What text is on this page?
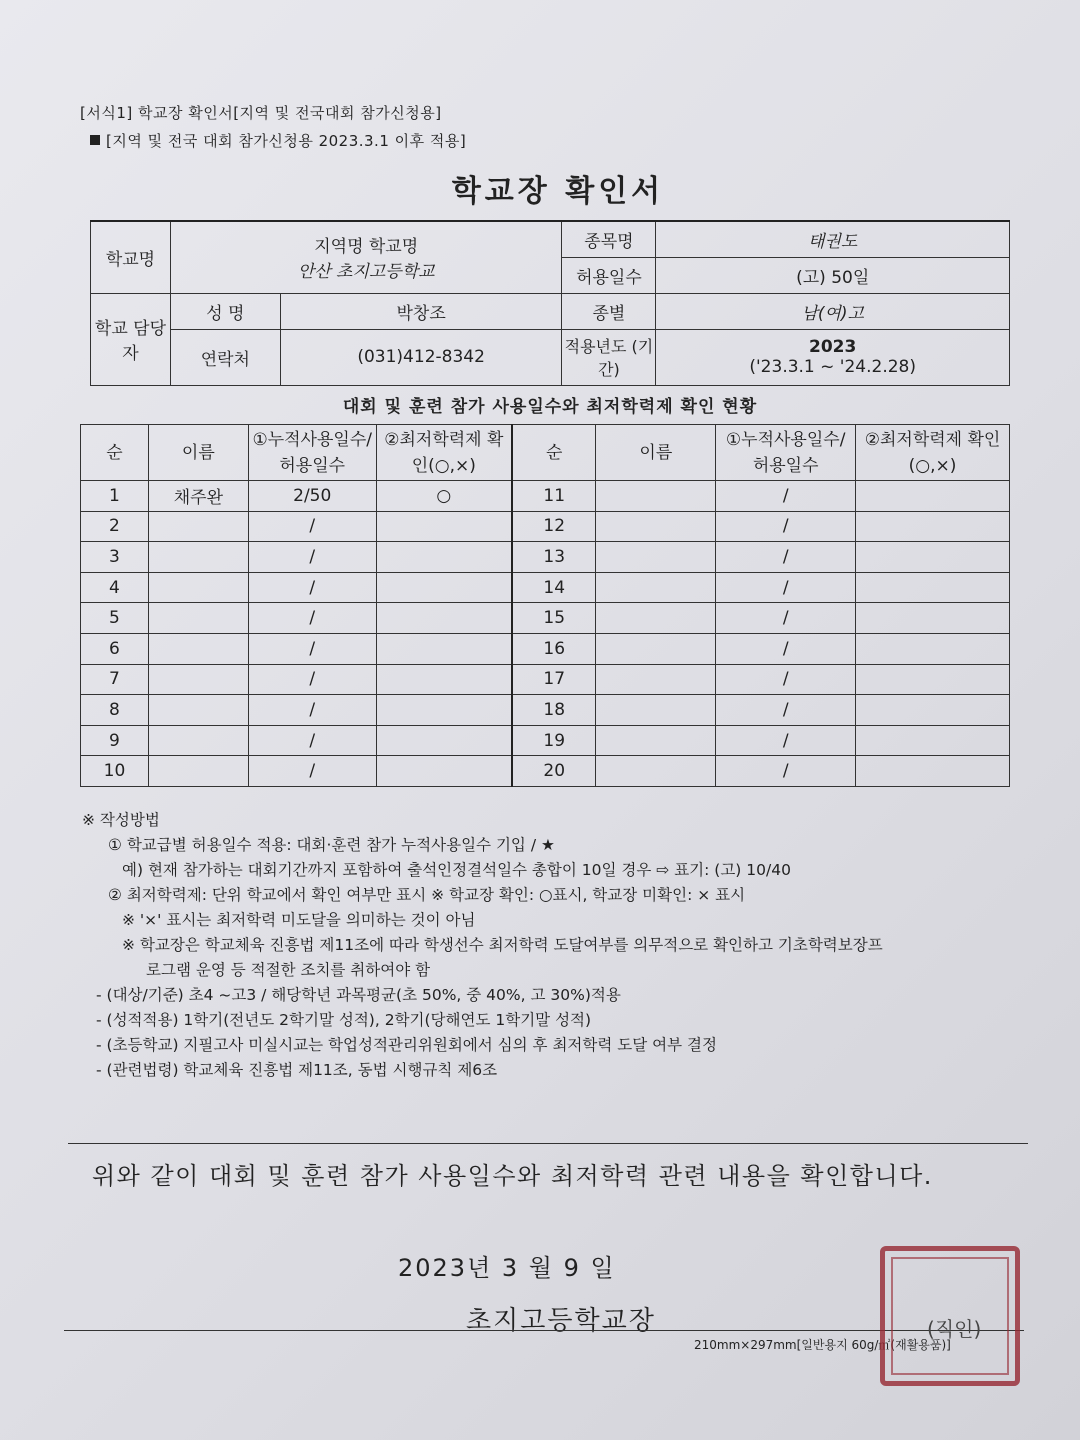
[서식1] 학교장 확인서[지역 및 전국대회 참가신청용]
[지역 및 전국 대회 참가신청용 2023.3.1 이후 적용]
학교장 확인서
학교명	지역명 학교명
안산 초지고등학교		종목명	태권도
			허용일수	(고) 50일
학교 담당자	성 명	박창조	종별	남(여)고
	연락처	(031)412-8342	적용년도 (기간)	2023
('23.3.1 ~ '24.2.28)
대회 및 훈련 참가 사용일수와 최저학력제 확인 현황
순	이름	①누적사용일수/ 허용일수	②최저학력제 확인(○,×)	순	이름	①누적사용일수/ 허용일수	②최저학력제 확인(○,×)
1	채주완	2/50	○	11		/	
2		/		12		/	
3		/		13		/	
4		/		14		/	
5		/		15		/	
6		/		16		/	
7		/		17		/	
8		/		18		/	
9		/		19		/	
10		/		20		/	
※ 작성방법
① 학교급별 허용일수 적용: 대회·훈련 참가 누적사용일수 기입 / ★
예) 현재 참가하는 대회기간까지 포함하여 출석인정결석일수 총합이 10일 경우 ⇨ 표기: (고) 10/40
② 최저학력제: 단위 학교에서 확인 여부만 표시 ※ 학교장 확인: ○표시, 학교장 미확인: × 표시
※ '×' 표시는 최저학력 미도달을 의미하는 것이 아님
※ 학교장은 학교체육 진흥법 제11조에 따라 학생선수 최저학력 도달여부를 의무적으로 확인하고 기초학력보장프
로그램 운영 등 적절한 조치를 취하여야 함
- (대상/기준) 초4 ~고3 / 해당학년 과목평균(초 50%, 중 40%, 고 30%)적용
- (성적적용) 1학기(전년도 2학기말 성적), 2학기(당해연도 1학기말 성적)
- (초등학교) 지필고사 미실시교는 학업성적관리위원회에서 심의 후 최저학력 도달 여부 결정
- (관련법령) 학교체육 진흥법 제11조, 동법 시행규칙 제6조
위와 같이 대회 및 훈련 참가 사용일수와 최저학력 관련 내용을 확인합니다.
2023년 3 월 9 일
초지고등학교장
210mm×297mm[일반용지 60g/㎡(재활용품)]
(직인)
